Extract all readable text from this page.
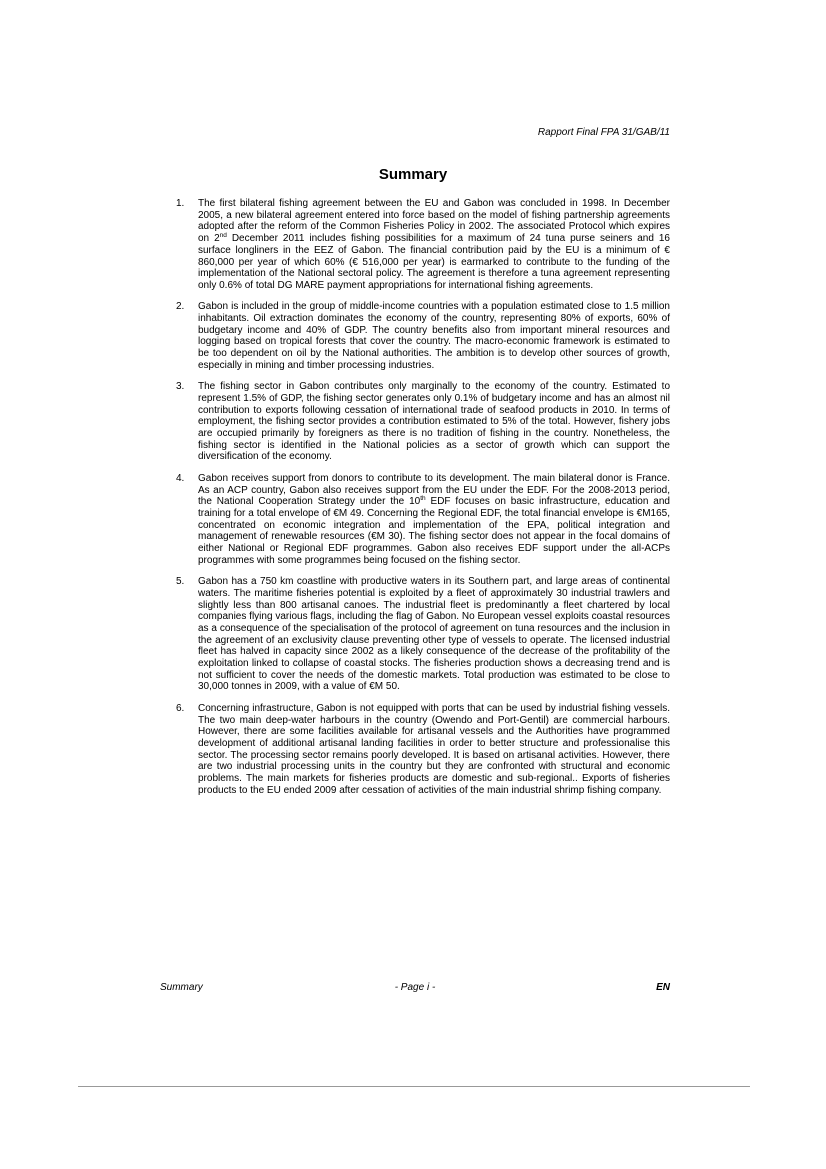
Rapport Final FPA 31/GAB/11
Summary
1.	The first bilateral fishing agreement between the EU and Gabon was concluded in 1998. In December 2005, a new bilateral agreement entered into force based on the model of fishing partnership agreements adopted after the reform of the Common Fisheries Policy in 2002. The associated Protocol which expires on 2nd December 2011 includes fishing possibilities for a maximum of 24 tuna purse seiners and 16 surface longliners in the EEZ of Gabon. The financial contribution paid by the EU is a minimum of € 860,000 per year of which 60% (€ 516,000 per year) is earmarked to contribute to the funding of the implementation of the National sectoral policy. The agreement is therefore a tuna agreement representing only 0.6% of total DG MARE payment appropriations for international fishing agreements.
2.	Gabon is included in the group of middle-income countries with a population estimated close to 1.5 million inhabitants. Oil extraction dominates the economy of the country, representing 80% of exports, 60% of budgetary income and 40% of GDP. The country benefits also from important mineral resources and logging based on tropical forests that cover the country. The macro-economic framework is estimated to be too dependent on oil by the National authorities. The ambition is to develop other sources of growth, especially in mining and timber processing industries.
3.	The fishing sector in Gabon contributes only marginally to the economy of the country. Estimated to represent 1.5% of GDP, the fishing sector generates only 0.1% of budgetary income and has an almost nil contribution to exports following cessation of international trade of seafood products in 2010. In terms of employment, the fishing sector provides a contribution estimated to 5% of the total. However, fishery jobs are occupied primarily by foreigners as there is no tradition of fishing in the country. Nonetheless, the fishing sector is identified in the National policies as a sector of growth which can support the diversification of the economy.
4.	Gabon receives support from donors to contribute to its development. The main bilateral donor is France. As an ACP country, Gabon also receives support from the EU under the EDF. For the 2008-2013 period, the National Cooperation Strategy under the 10th EDF focuses on basic infrastructure, education and training for a total envelope of €M 49. Concerning the Regional EDF, the total financial envelope is €M165, concentrated on economic integration and implementation of the EPA, political integration and management of renewable resources (€M 30). The fishing sector does not appear in the focal domains of either National or Regional EDF programmes. Gabon also receives EDF support under the all-ACPs programmes with some programmes being focused on the fishing sector.
5.	Gabon has a 750 km coastline with productive waters in its Southern part, and large areas of continental waters. The maritime fisheries potential is exploited by a fleet of approximately 30 industrial trawlers and slightly less than 800 artisanal canoes. The industrial fleet is predominantly a fleet chartered by local companies flying various flags, including the flag of Gabon. No European vessel exploits coastal resources as a consequence of the specialisation of the protocol of agreement on tuna resources and the inclusion in the agreement of an exclusivity clause preventing other type of vessels to operate. The licensed industrial fleet has halved in capacity since 2002 as a likely consequence of the decrease of the profitability of the exploitation linked to collapse of coastal stocks. The fisheries production shows a decreasing trend and is not sufficient to cover the needs of the domestic markets. Total production was estimated to be close to 30,000 tonnes in 2009, with a value of €M 50.
6.	Concerning infrastructure, Gabon is not equipped with ports that can be used by industrial fishing vessels. The two main deep-water harbours in the country (Owendo and Port-Gentil) are commercial harbours. However, there are some facilities available for artisanal vessels and the Authorities have programmed development of additional artisanal landing facilities in order to better structure and professionalise this sector. The processing sector remains poorly developed. It is based on artisanal activities. However, there are two industrial processing units in the country but they are confronted with structural and economic problems. The main markets for fisheries products are domestic and sub-regional.. Exports of fisheries products to the EU ended 2009 after cessation of activities of the main industrial shrimp fishing company.
Summary	- Page i -	EN
